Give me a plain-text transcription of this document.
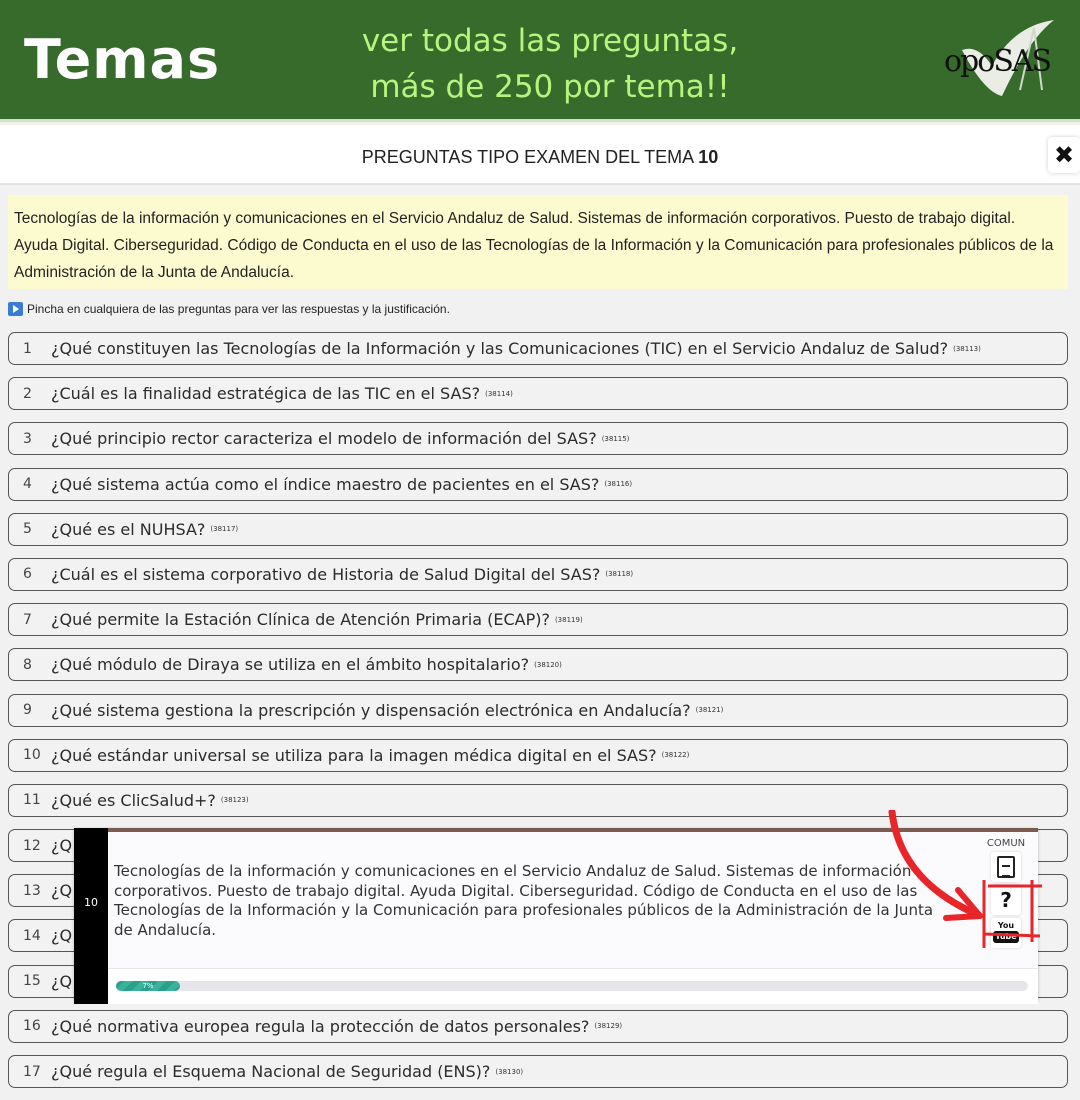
Temas	ver todas las preguntas,
más de 250 por tema!!
opoSAS
PREGUNTAS TIPO EXAMEN DEL TEMA 10	✖
Tecnologías de la información y comunicaciones en el Servicio Andaluz de Salud. Sistemas de información corporativos. Puesto de trabajo digital. Ayuda Digital. Ciberseguridad. Código de Conducta en el uso de las Tecnologías de la Información y la Comunicación para profesionales públicos de la Administración de la Junta de Andalucía.
Pincha en cualquiera de las preguntas para ver las respuestas y la justificación.
1	¿Qué constituyen las Tecnologías de la Información y las Comunicaciones (TIC) en el Servicio Andaluz de Salud? (38113)
2	¿Cuál es la finalidad estratégica de las TIC en el SAS? (38114)
3	¿Qué principio rector caracteriza el modelo de información del SAS? (38115)
4	¿Qué sistema actúa como el índice maestro de pacientes en el SAS? (38116)
5	¿Qué es el NUHSA? (38117)
6	¿Cuál es el sistema corporativo de Historia de Salud Digital del SAS? (38118)
7	¿Qué permite la Estación Clínica de Atención Primaria (ECAP)? (38119)
8	¿Qué módulo de Diraya se utiliza en el ámbito hospitalario? (38120)
9	¿Qué sistema gestiona la prescripción y dispensación electrónica en Andalucía? (38121)
10 ¿Qué estándar universal se utiliza para la imagen médica digital en el SAS? (38122)
11 ¿Qué es ClicSalud+? (38123)
12 ¿Q
13 ¿Q
14 ¿Q
15 ¿Q
16 ¿Qué normativa europea regula la protección de datos personales? (38129)
17 ¿Qué regula el Esquema Nacional de Seguridad (ENS)? (38130)
10
Tecnologías de la información y comunicaciones en el Servicio Andaluz de Salud. Sistemas de información corporativos. Puesto de trabajo digital. Ayuda Digital. Ciberseguridad. Código de Conducta en el uso de las Tecnologías de la Información y la Comunicación para profesionales públicos de la Administración de la Junta de Andalucía.
7%
COMUN
?
You
Tube
